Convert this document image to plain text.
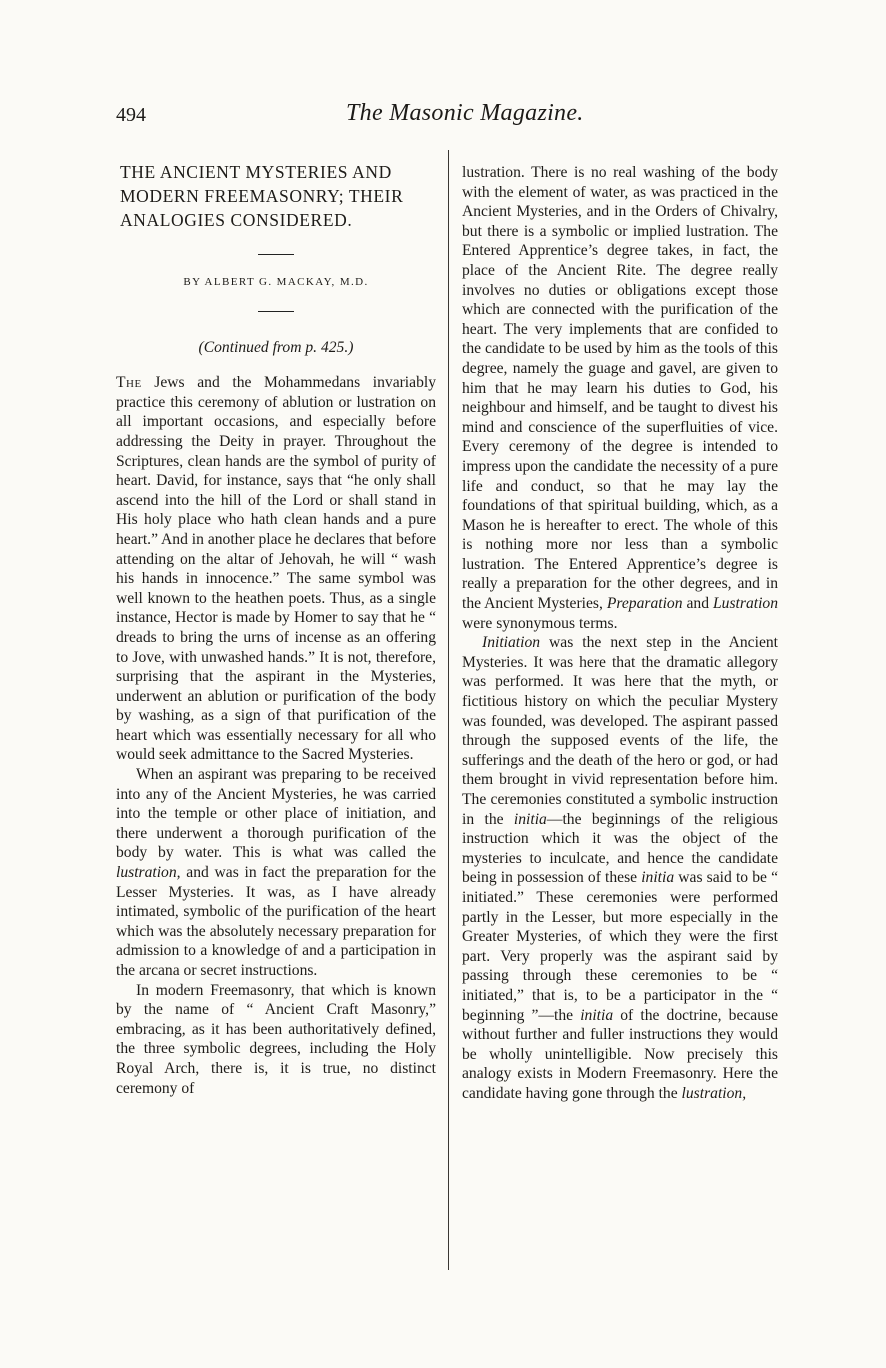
494	The Masonic Magazine.
THE ANCIENT MYSTERIES AND MODERN FREEMASONRY; THEIR ANALOGIES CONSIDERED.
BY ALBERT G. MACKAY, M.D.
(Continued from p. 425.)

The Jews and the Mohammedans invariably practice this ceremony of ablution or lustration on all important occasions, and especially before addressing the Deity in prayer. Throughout the Scriptures, clean hands are the symbol of purity of heart. David, for instance, says that “he only shall ascend into the hill of the Lord or shall stand in His holy place who hath clean hands and a pure heart.” And in another place he declares that before attending on the altar of Jehovah, he will “ wash his hands in innocence.” The same symbol was well known to the heathen poets. Thus, as a single instance, Hector is made by Homer to say that he “ dreads to bring the urns of incense as an offering to Jove, with unwashed hands.” It is not, therefore, surprising that the aspirant in the Mysteries, underwent an ablution or purification of the body by washing, as a sign of that purification of the heart which was essentially necessary for all who would seek admittance to the Sacred Mysteries.

When an aspirant was preparing to be received into any of the Ancient Mysteries, he was carried into the temple or other place of initiation, and there underwent a thorough purification of the body by water. This is what was called the lustration, and was in fact the preparation for the Lesser Mysteries. It was, as I have already intimated, symbolic of the purification of the heart which was the absolutely necessary preparation for admission to a knowledge of and a participation in the arcana or secret instructions.

In modern Freemasonry, that which is known by the name of “ Ancient Craft Masonry,” embracing, as it has been authoritatively defined, the three symbolic degrees, including the Holy Royal Arch, there is, it is true, no distinct ceremony of

lustration. There is no real washing of the body with the element of water, as was practiced in the Ancient Mysteries, and in the Orders of Chivalry, but there is a symbolic or implied lustration. The Entered Apprentice’s degree takes, in fact, the place of the Ancient Rite. The degree really involves no duties or obligations except those which are connected with the purification of the heart. The very implements that are confided to the candidate to be used by him as the tools of this degree, namely the guage and gavel, are given to him that he may learn his duties to God, his neighbour and himself, and be taught to divest his mind and conscience of the superfluities of vice. Every ceremony of the degree is intended to impress upon the candidate the necessity of a pure life and conduct, so that he may lay the foundations of that spiritual building, which, as a Mason he is hereafter to erect. The whole of this is nothing more nor less than a symbolic lustration. The Entered Apprentice’s degree is really a preparation for the other degrees, and in the Ancient Mysteries, Preparation and Lustration were synonymous terms.

Initiation was the next step in the Ancient Mysteries. It was here that the dramatic allegory was performed. It was here that the myth, or fictitious history on which the peculiar Mystery was founded, was developed. The aspirant passed through the supposed events of the life, the sufferings and the death of the hero or god, or had them brought in vivid representation before him. The ceremonies constituted a symbolic instruction in the initia—the beginnings of the religious instruction which it was the object of the mysteries to inculcate, and hence the candidate being in possession of these initia was said to be “ initiated.” These ceremonies were performed partly in the Lesser, but more especially in the Greater Mysteries, of which they were the first part. Very properly was the aspirant said by passing through these ceremonies to be “ initiated,” that is, to be a participator in the “ beginning ”—the initia of the doctrine, because without further and fuller instructions they would be wholly unintelligible. Now precisely this analogy exists in Modern Freemasonry. Here the candidate having gone through the lustration,
